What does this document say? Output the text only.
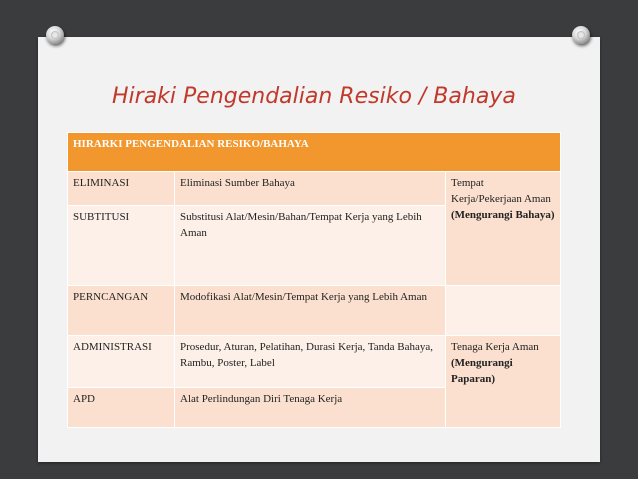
Hiraki Pengendalian Resiko / Bahaya
HIRARKI PENGENDALIAN RESIKO/BAHAYA		
ELIMINASI	Eliminasi Sumber Bahaya	Tempat Kerja/Pekerjaan Aman (Mengurangi Bahaya)
SUBTITUSI	Substitusi Alat/Mesin/Bahan/Tempat Kerja yang Lebih Aman	
PERNCANGAN	Modofikasi Alat/Mesin/Tempat Kerja yang Lebih Aman	
ADMINISTRASI	Prosedur, Aturan, Pelatihan, Durasi Kerja, Tanda Bahaya, Rambu, Poster, Label	Tenaga Kerja Aman (Mengurangi Paparan)
APD	Alat Perlindungan Diri Tenaga Kerja	
